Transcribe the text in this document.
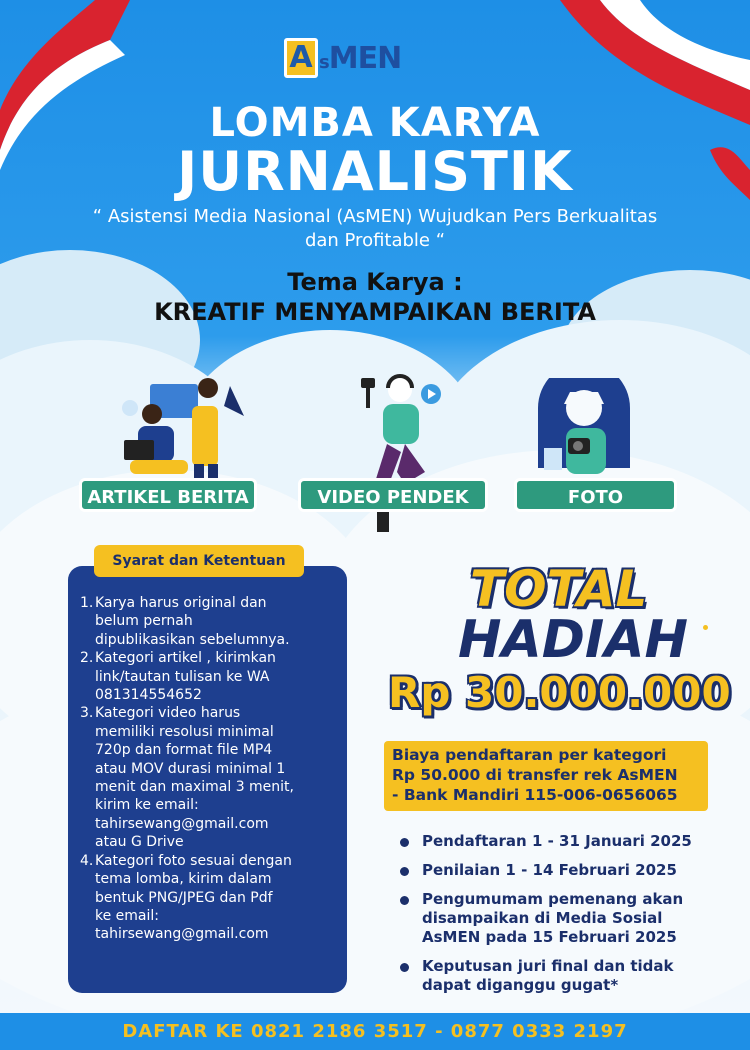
A sMEN
LOMBA KARYA
JURNALISTIK
“ Asistensi Media Nasional (AsMEN) Wujudkan Pers Berkualitas dan Profitable “
Tema Karya :
KREATIF MENYAMPAIKAN BERITA
ARTIKEL BERITA	VIDEO PENDEK	FOTO
Syarat dan Ketentuan
1. Karya harus original dan
belum pernah
dipublikasikan sebelumnya.
2. Kategori artikel , kirimkan
link/tautan tulisan ke WA
081314554652
3. Kategori video harus
memiliki resolusi minimal
720p dan format file MP4
atau MOV durasi minimal 1
menit dan maximal 3 menit,
kirim ke email:
tahirsewang@gmail.com
atau G Drive
4. Kategori foto sesuai dengan
tema lomba, kirim dalam
bentuk PNG/JPEG dan Pdf
ke email:
tahirsewang@gmail.com
TOTAL
HADIAH
Rp 30.000.000
Biaya pendaftaran per kategori
Rp 50.000 di transfer rek AsMEN
- Bank Mandiri 115-006-0656065
Pendaftaran 1 - 31 Januari 2025
Penilaian 1 - 14 Februari 2025
Pengumumam pemenang akan
disampaikan di Media Sosial
AsMEN pada 15 Februari 2025
Keputusan juri final dan tidak
dapat diganggu gugat*
DAFTAR KE 0821 2186 3517 - 0877 0333 2197
